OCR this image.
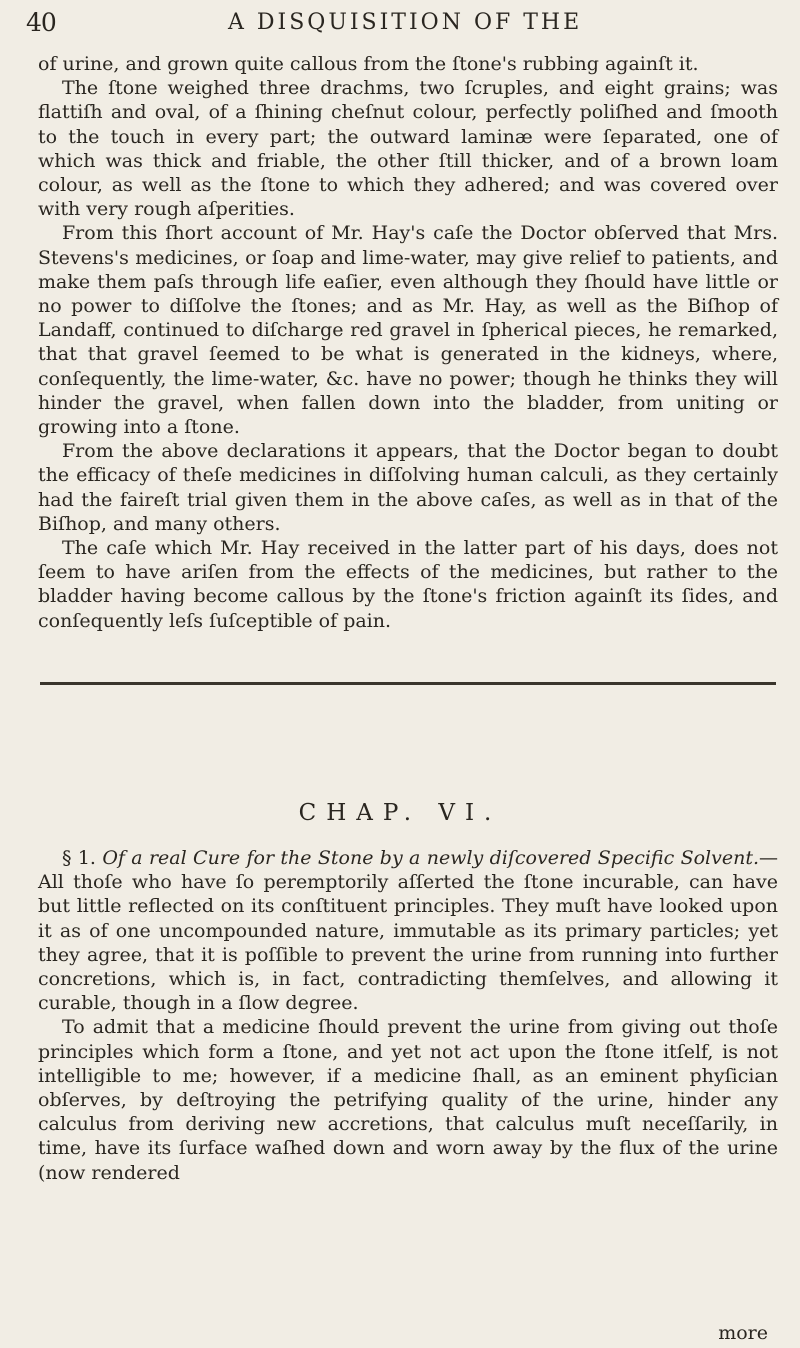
40	A DISQUISITION OF THE

of urine, and grown quite callous from the ſtone's rubbing againſt it.

The ſtone weighed three drachms, two ſcruples, and eight grains; was flattiſh and oval, of a ſhining cheſnut colour, perfectly poliſhed and ſmooth to the touch in every part; the outward laminæ were ſeparated, one of which was thick and friable, the other ſtill thicker, and of a brown loam colour, as well as the ſtone to which they adhered; and was covered over with very rough aſperities.

From this ſhort account of Mr. Hay's caſe the Doctor obſerved that Mrs. Stevens's medicines, or ſoap and lime-water, may give relief to patients, and make them paſs through life eaſier, even although they ſhould have little or no power to diſſolve the ſtones; and as Mr. Hay, as well as the Biſhop of Landaff, continued to diſcharge red gravel in ſpherical pieces, he remarked, that that gravel ſeemed to be what is generated in the kidneys, where, conſequently, the lime-water, &c. have no power; though he thinks they will hinder the gravel, when fallen down into the bladder, from uniting or growing into a ſtone.

From the above declarations it appears, that the Doctor began to doubt the efficacy of theſe medicines in diſſolving human calculi, as they certainly had the faireſt trial given them in the above caſes, as well as in that of the Biſhop, and many others.

The caſe which Mr. Hay received in the latter part of his days, does not ſeem to have ariſen from the effects of the medicines, but rather to the bladder having become callous by the ſtone's friction againſt its ſides, and conſequently leſs ſuſceptible of pain.

CHAP. VI.

§ 1. Of a real Cure for the Stone by a newly diſcovered Specific Solvent.—All thoſe who have ſo peremptorily aſſerted the ſtone incurable, can have but little reflected on its conſtituent principles. They muſt have looked upon it as of one uncompounded nature, immutable as its primary particles; yet they agree, that it is poſſible to prevent the urine from running into further concretions, which is, in fact, contradicting themſelves, and allowing it curable, though in a ſlow degree.

To admit that a medicine ſhould prevent the urine from giving out thoſe principles which form a ſtone, and yet not act upon the ſtone itſelf, is not intelligible to me; however, if a medicine ſhall, as an eminent phyſician obſerves, by deſtroying the petrifying quality of the urine, hinder any calculus from deriving new accretions, that calculus muſt neceſſarily, in time, have its ſurface waſhed down and worn away by the flux of the urine (now rendered

more
